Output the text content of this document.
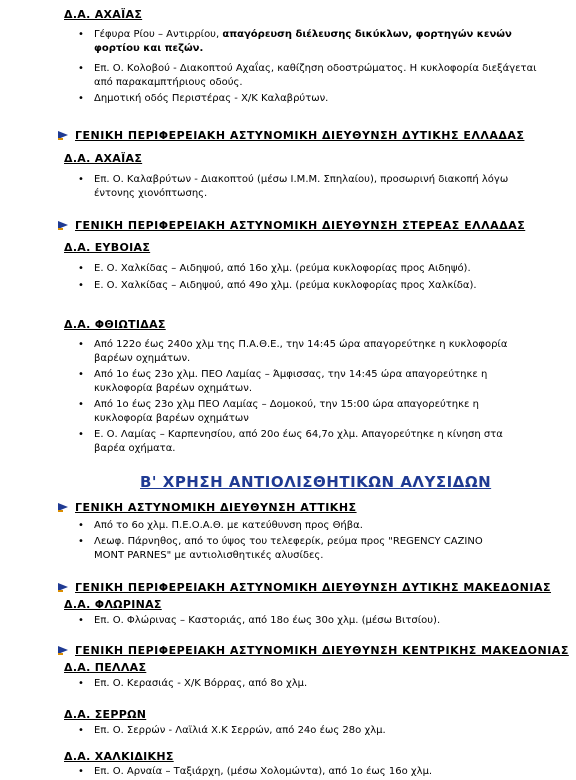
Δ.Α. ΑΧΑΪΑΣ
• Γέφυρα Ρίου – Αντιρρίου, απαγόρευση διέλευσης δικύκλων, φορτηγών κενών φορτίου και πεζών.
• Επ. Ο. Κολοβού - Διακοπτού Αχαΐας, καθίζηση οδοστρώματος. Η κυκλοφορία διεξάγεται από παρακαμπτήριους οδούς.
• Δημοτική οδός Περιστέρας - Χ/Κ Καλαβρύτων.
ΓΕΝΙΚΗ ΠΕΡΙΦΕΡΕΙΑΚΗ ΑΣΤΥΝΟΜΙΚΗ ΔΙΕΥΘΥΝΣΗ ΔΥΤΙΚΗΣ ΕΛΛΑΔΑΣ
Δ.Α. ΑΧΑΪΑΣ
• Επ. Ο. Καλαβρύτων - Διακοπτού (μέσω Ι.Μ.Μ. Σπηλαίου), προσωρινή διακοπή λόγω έντονης χιονόπτωσης.
ΓΕΝΙΚΗ ΠΕΡΙΦΕΡΕΙΑΚΗ ΑΣΤΥΝΟΜΙΚΗ ΔΙΕΥΘΥΝΣΗ ΣΤΕΡΕΑΣ ΕΛΛΑΔΑΣ
Δ.Α. ΕΥΒΟΙΑΣ
• Ε. Ο. Χαλκίδας – Αιδηψού, από 16ο χλμ. (ρεύμα κυκλοφορίας προς Αιδηψό).
• Ε. Ο. Χαλκίδας – Αιδηψού, από 49ο χλμ. (ρεύμα κυκλοφορίας προς Χαλκίδα).
Δ.Α. ΦΘΙΩΤΙΔΑΣ
• Από 122ο έως 240ο χλμ της Π.Α.Θ.Ε., την 14:45 ώρα απαγορεύτηκε η κυκλοφορία βαρέων οχημάτων.
• Από 1ο έως 23ο χλμ. ΠΕΟ Λαμίας – Άμφισσας, την 14:45 ώρα απαγορεύτηκε η κυκλοφορία βαρέων οχημάτων.
• Από 1ο έως 23ο χλμ ΠΕΟ Λαμίας – Δομοκού, την 15:00 ώρα απαγορεύτηκε η κυκλοφορία βαρέων οχημάτων
• Ε. Ο. Λαμίας – Καρπενησίου, από 20ο έως 64,7ο χλμ. Απαγορεύτηκε η κίνηση στα βαρέα οχήματα.
Β' ΧΡΗΣΗ ΑΝΤΙΟΛΙΣΘΗΤΙΚΩΝ ΑΛΥΣΙΔΩΝ
ΓΕΝΙΚΗ ΑΣΤΥΝΟΜΙΚΗ ΔΙΕΥΘΥΝΣΗ ΑΤΤΙΚΗΣ
• Από το 6ο χλμ. Π.Ε.Ο.Α.Θ. με κατεύθυνση προς Θήβα.
• Λεωφ. Πάρνηθος, από το ύψος του τελεφερίκ, ρεύμα προς "REGENCY CAZINO MONT PARNES" με αντιολισθητικές αλυσίδες.
ΓΕΝΙΚΗ ΠΕΡΙΦΕΡΕΙΑΚΗ ΑΣΤΥΝΟΜΙΚΗ ΔΙΕΥΘΥΝΣΗ ΔΥΤΙΚΗΣ ΜΑΚΕΔΟΝΙΑΣ
Δ.Α. ΦΛΩΡΙΝΑΣ
• Επ. Ο. Φλώρινας – Καστοριάς, από 18ο έως 30ο χλμ. (μέσω Βιτσίου).
ΓΕΝΙΚΗ ΠΕΡΙΦΕΡΕΙΑΚΗ ΑΣΤΥΝΟΜΙΚΗ ΔΙΕΥΘΥΝΣΗ ΚΕΝΤΡΙΚΗΣ ΜΑΚΕΔΟΝΙΑΣ
Δ.Α. ΠΕΛΛΑΣ
• Επ. Ο. Κερασιάς - Χ/Κ Βόρρας, από 8ο χλμ.
Δ.Α. ΣΕΡΡΩΝ
• Επ. Ο. Σερρών - Λαϊλιά Χ.Κ Σερρών, από 24ο έως 28ο χλμ.
Δ.Α. ΧΑΛΚΙΔΙΚΗΣ
• Επ. Ο. Αρναία – Ταξιάρχη, (μέσω Χολομώντα), από 1ο έως 16ο χλμ.
